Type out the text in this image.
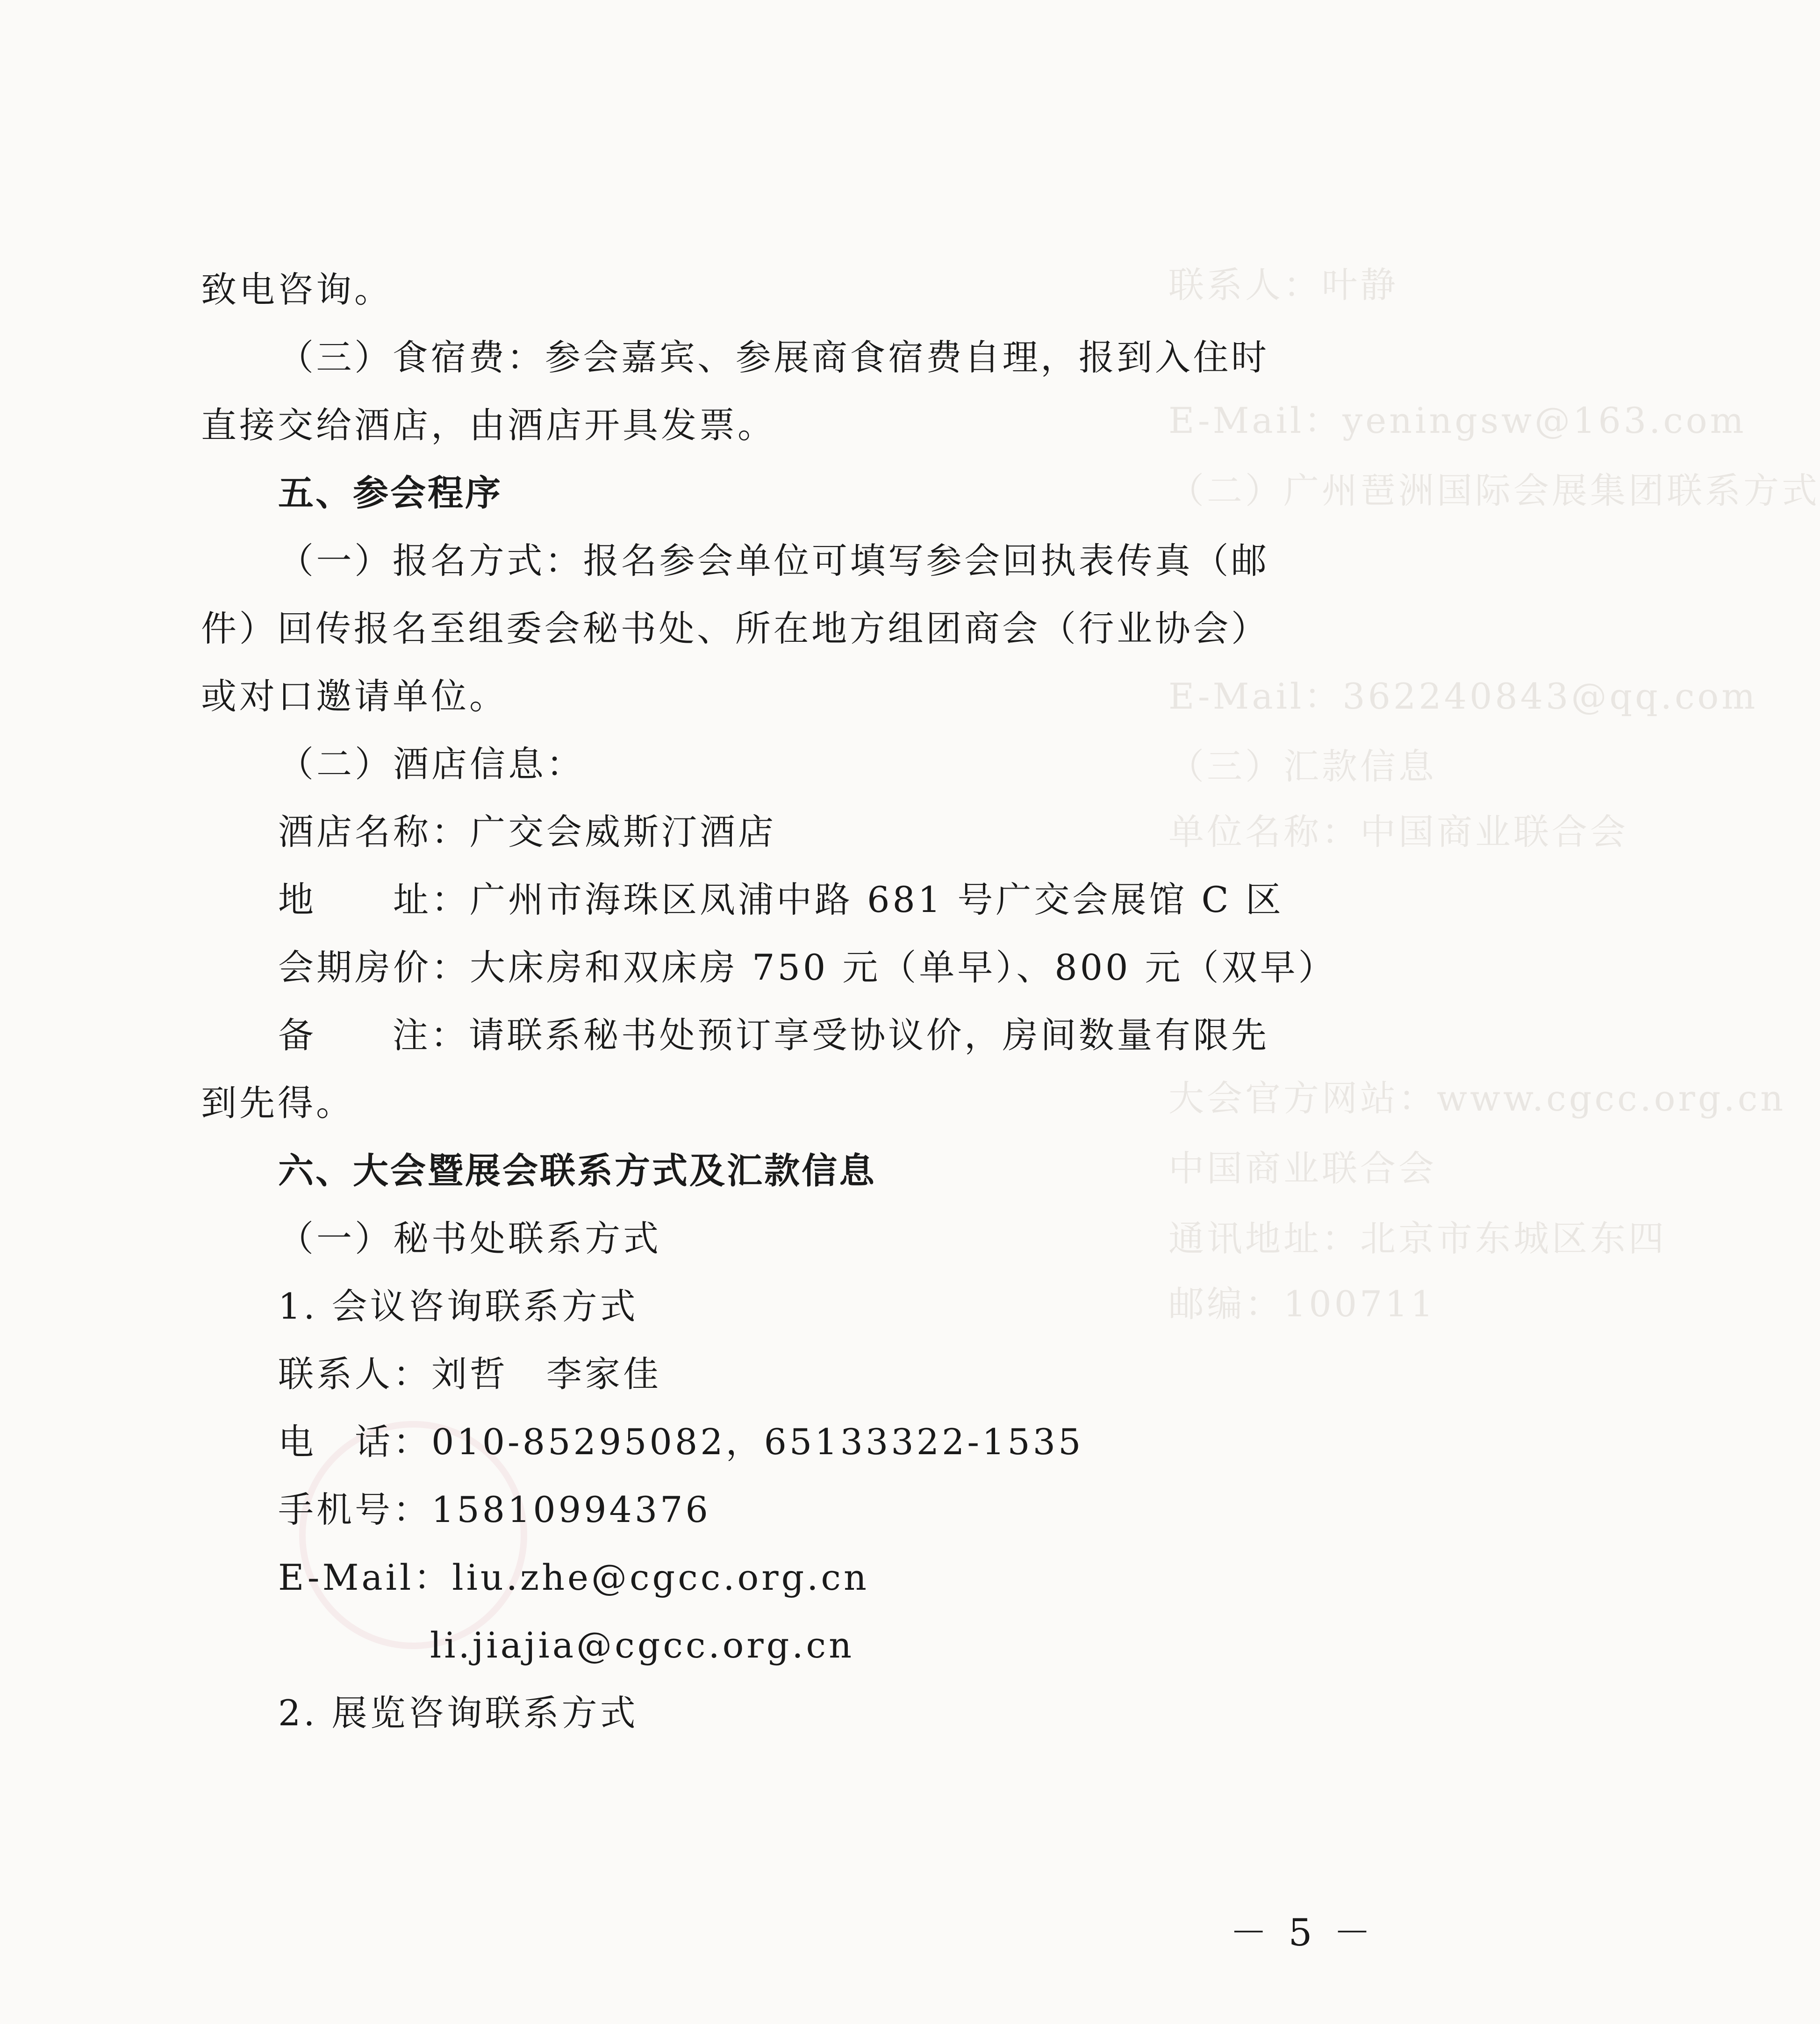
联系人：叶静
E-Mail：yeningsw@163.com
（二）广州琶洲国际会展集团联系方式
E-Mail：362240843@qq.com
（三）汇款信息
单位名称：中国商业联合会
大会官方网站：www.cgcc.org.cn
中国商业联合会
通讯地址：北京市东城区东四
邮编：100711
致电咨询。
（三）食宿费：参会嘉宾、参展商食宿费自理，报到入住时
直接交给酒店，由酒店开具发票。
五、参会程序
（一）报名方式：报名参会单位可填写参会回执表传真（邮
件）回传报名至组委会秘书处、所在地方组团商会（行业协会）
或对口邀请单位。
（二）酒店信息：
酒店名称：广交会威斯汀酒店
地　　址：广州市海珠区凤浦中路 681 号广交会展馆 C 区
会期房价：大床房和双床房 750 元（单早）、800 元（双早）
备　　注：请联系秘书处预订享受协议价，房间数量有限先
到先得。
六、大会暨展会联系方式及汇款信息
（一）秘书处联系方式
1. 会议咨询联系方式
联系人：刘哲　李家佳
电　话：010-85295082，65133322-1535
手机号：15810994376
E-Mail：liu.zhe@cgcc.org.cn
li.jiajia@cgcc.org.cn
2. 展览咨询联系方式
－ 5 －
